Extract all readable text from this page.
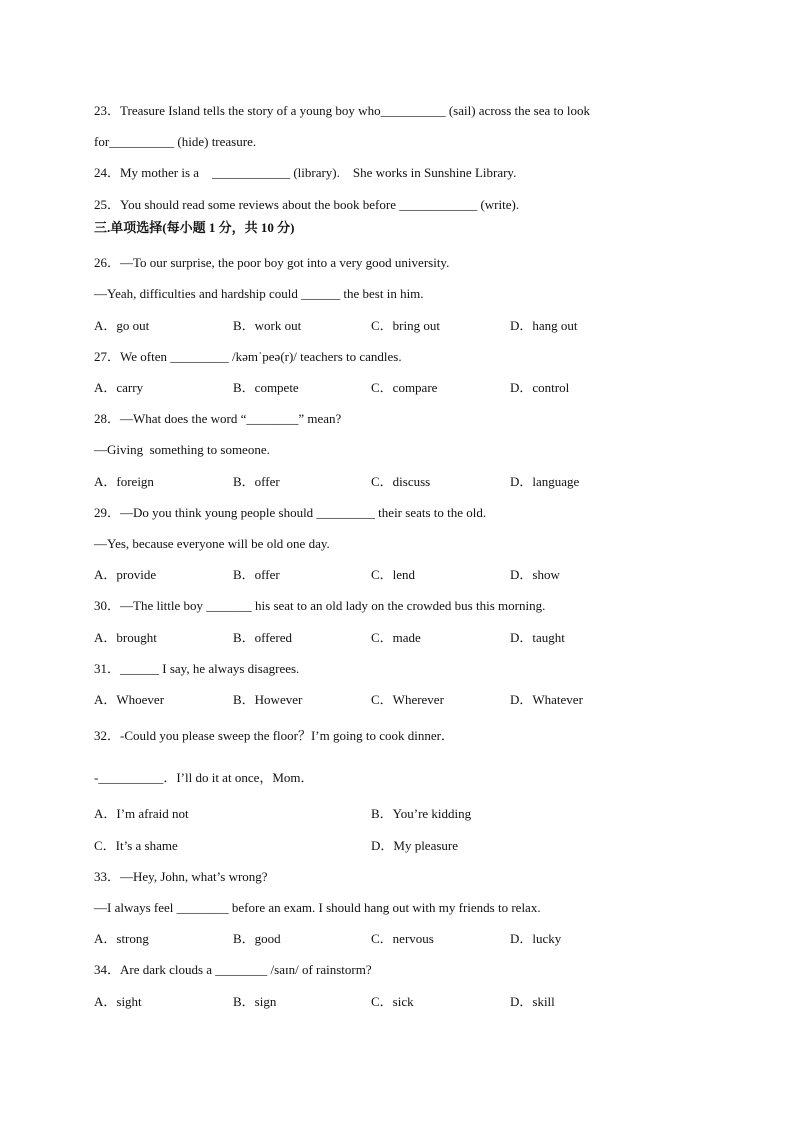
23．Treasure Island tells the story of a young boy who__________ (sail) across the sea to look
for__________ (hide) treasure.
24．My mother is a    ____________ (library).    She works in Sunshine Library.
25．You should read some reviews about the book before ____________ (write).
三.单项选择(每小题 1 分，共 10 分)
26．—To our surprise, the poor boy got into a very good university.
—Yeah, difficulties and hardship could ______ the best in him.
27．We often _________ /kəmˈpeə(r)/ teachers to candles.
28．—What does the word “________” mean?
—Giving  something to someone.
29．—Do you think young people should _________ their seats to the old.
—Yes, because everyone will be old one day.
30．—The little boy _______ his seat to an old lady on the crowded bus this morning.
31．______ I say, he always disagrees.
32．-Could you please sweep the floor？I’m going to cook dinner．
-__________．I’ll do it at once，Mom．
33．—Hey, John, what’s wrong?
—I always feel ________ before an exam. I should hang out with my friends to relax.
34．Are dark clouds a ________ /saɪn/ of rainstorm?
A．go out	B．work out	C．bring out	D．hang out
A．carry	B．compete	C．compare	D．control
A．foreign	B．offer	C．discuss	D．language
A．provide	B．offer	C．lend	D．show
A．brought	B．offered	C．made	D．taught
A．Whoever	B．However	C．Wherever	D．Whatever
A．I’m afraid not	B．You’re kidding
C．It’s a shame	D．My pleasure
A．strong	B．good	C．nervous	D．lucky
A．sight	B．sign	C．sick	D．skill
